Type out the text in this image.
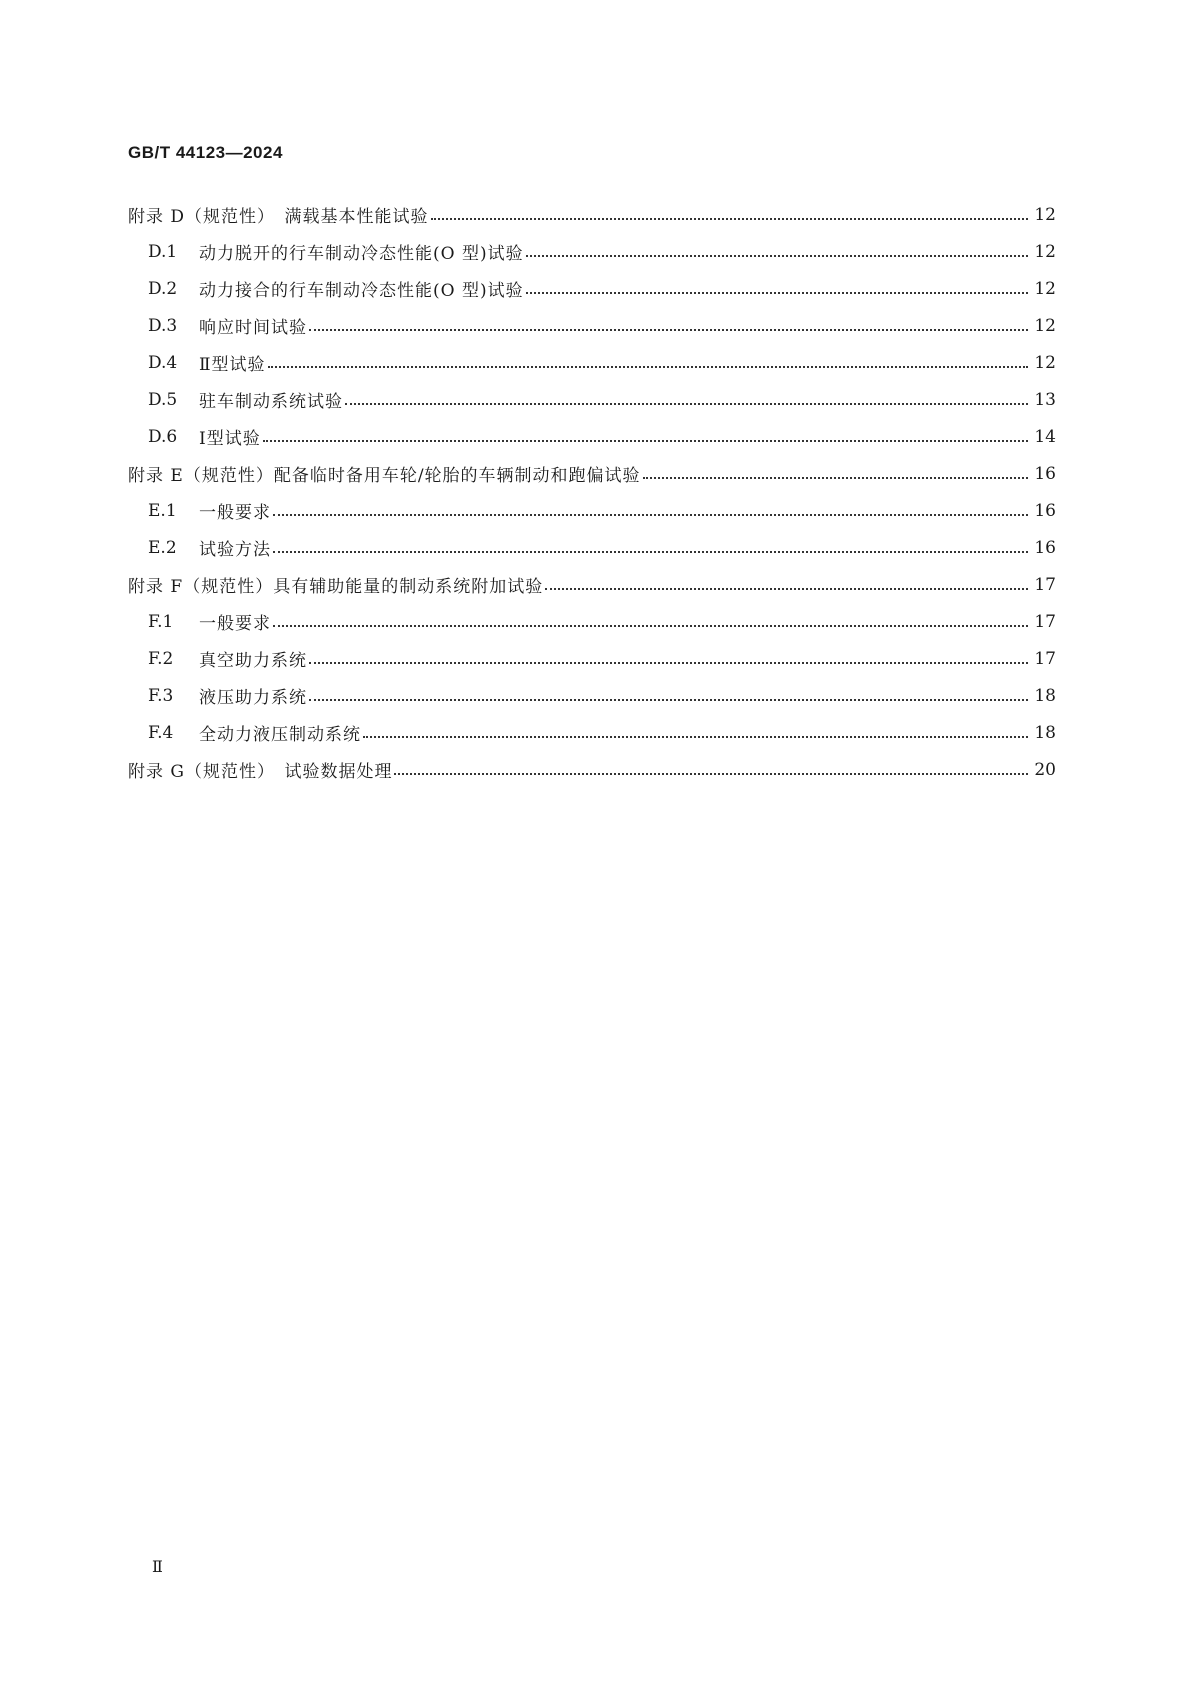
GB/T 44123—2024
附录 D（规范性）　满载基本性能试验	12
D.1	动力脱开的行车制动冷态性能(O 型)试验	12
D.2	动力接合的行车制动冷态性能(O 型)试验	12
D.3	响应时间试验	12
D.4	Ⅱ型试验	12
D.5	驻车制动系统试验	13
D.6	Ⅰ型试验	14
附录 E（规范性）配备临时备用车轮/轮胎的车辆制动和跑偏试验	16
E.1	一般要求	16
E.2	试验方法	16
附录 F（规范性）具有辅助能量的制动系统附加试验	17
F.1	一般要求	17
F.2	真空助力系统	17
F.3	液压助力系统	18
F.4	全动力液压制动系统	18
附录 G（规范性）　试验数据处理	20
Ⅱ
